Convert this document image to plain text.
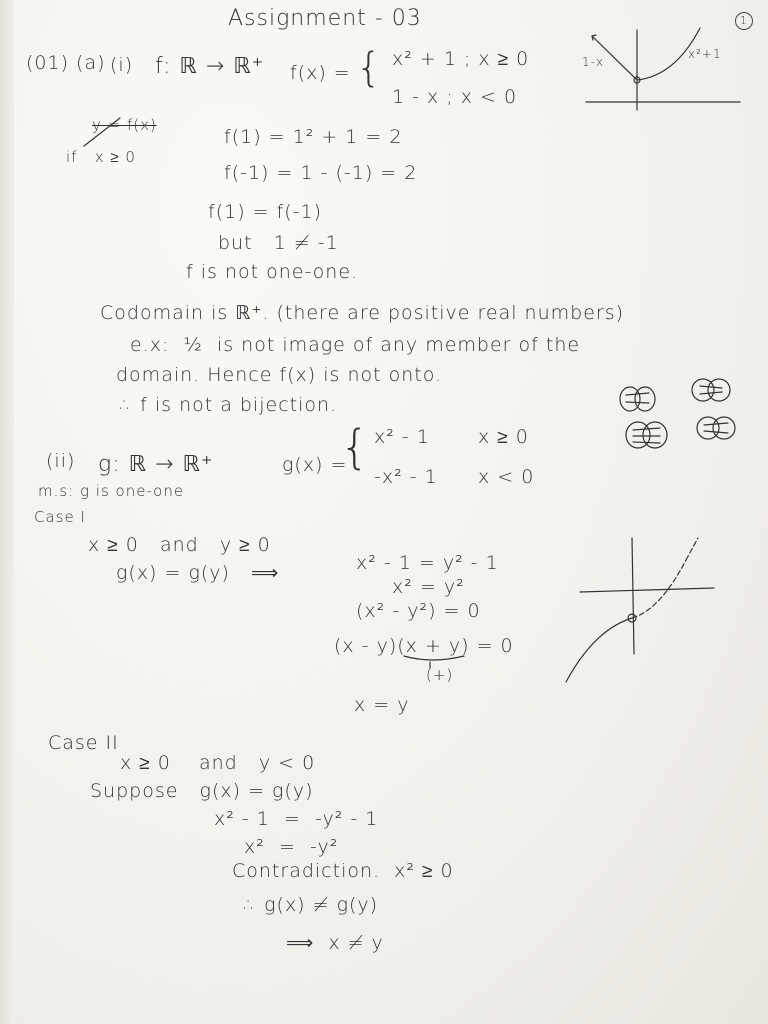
Assignment - 03	1
(01) (a) (i) f: ℝ → ℝ⁺ f(x) = { x² + 1 ; x ≥ 0
1 - x ; x < 0
y = f(x)
if   x ≥ 0
f(1) = 1² + 1 = 2
f(-1) = 1 - (-1) = 2
f(1) = f(-1)
but   1 ≠ -1
f is not one-one.
1-x
x²+1
Codomain is ℝ⁺. (there are positive real numbers)
e.x:  ½  is not image of any member of the
domain. Hence f(x) is not onto.
∴ f is not a bijection.
(ii) g: ℝ → ℝ⁺	g(x) =
{ x² - 1	x ≥ 0
-x² - 1 x < 0
m.s: g is one-one
Case I
x ≥ 0   and   y ≥ 0
g(x) = g(y)   ⟹	x² - 1 = y² - 1
x² = y²
(x² - y²) = 0
(x - y)(x + y) = 0
(+)
x = y
Case II
x ≥ 0    and   y < 0
Suppose   g(x) = g(y)
x² - 1  =  -y² - 1
x²  =  -y²
Contradiction.  x² ≥ 0
∴ g(x) ≠ g(y)
⟹  x ≠ y
